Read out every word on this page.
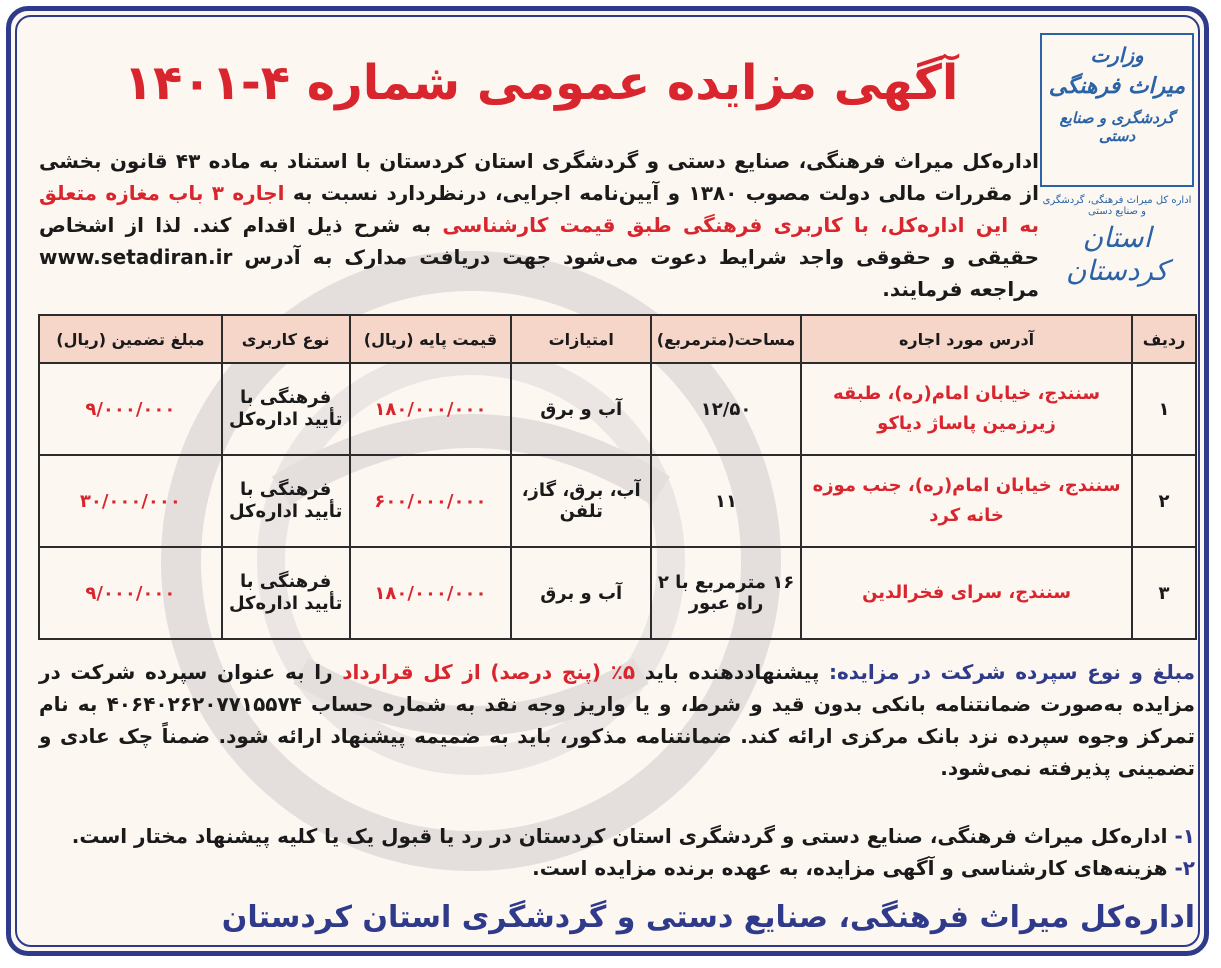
وزارت
میراث فرهنگی
گردشگری و صنایع دستی
اداره کل میراث فرهنگی، گردشگری و صنایع دستی
استان کردستان
آگهی مزایده عمومی شماره ۴-۱۴۰۱
اداره‌کل میراث فرهنگی، صنایع دستی و گردشگری استان کردستان با استناد به ماده ۴۳ قانون بخشی از مقررات مالی دولت مصوب ۱۳۸۰ و آیین‌نامه اجرایی، درنظردارد نسبت به اجاره ۳ باب مغازه متعلق به این اداره‌کل، با کاربری فرهنگی طبق قیمت کارشناسی به شرح ذیل اقدام کند. لذا از اشخاص حقیقی و حقوقی واجد شرایط دعوت می‌شود جهت دریافت مدارک به آدرس www.setadiran.ir مراجعه فرمایند.
ردیف	آدرس مورد اجاره	مساحت(مترمربع)	امتیازات	قیمت پایه (ریال)	نوع کاربری	مبلغ تضمین (ریال)
۱	سنندج، خیابان امام(ره)، طبقه زیرزمین پاساژ دیاکو	۱۲/۵۰	آب و برق	۱۸۰/۰۰۰/۰۰۰	فرهنگی با تأیید اداره‌کل	۹/۰۰۰/۰۰۰
۲	سنندج، خیابان امام(ره)، جنب موزه خانه کرد	۱۱	آب، برق، گاز، تلفن	۶۰۰/۰۰۰/۰۰۰	فرهنگی با تأیید اداره‌کل	۳۰/۰۰۰/۰۰۰
۳	سنندج، سرای فخرالدین	۱۶ مترمربع با ۲ راه عبور	آب و برق	۱۸۰/۰۰۰/۰۰۰	فرهنگی با تأیید اداره‌کل	۹/۰۰۰/۰۰۰
مبلغ و نوع سپرده شرکت در مزایده: پیشنهاددهنده باید ۵٪ (پنج درصد) از کل قرارداد را به عنوان سپرده شرکت در مزایده به‌صورت ضمانتنامه بانکی بدون قید و شرط، و یا واریز وجه نقد به شماره حساب ۴۰۶۴۰۲۶۲۰۷۷۱۵۵۷۴ به نام تمرکز وجوه سپرده نزد بانک مرکزی ارائه کند. ضمانتنامه مذکور، باید به ضمیمه پیشنهاد ارائه شود. ضمناً چک عادی و تضمینی پذیرفته نمی‌شود.
۱- اداره‌کل میراث فرهنگی، صنایع دستی و گردشگری استان کردستان در رد یا قبول یک یا کلیه پیشنهاد مختار است.
۲- هزینه‌های کارشناسی و آگهی مزایده، به عهده برنده مزایده است.
اداره‌کل میراث فرهنگی، صنایع دستی و گردشگری استان کردستان
